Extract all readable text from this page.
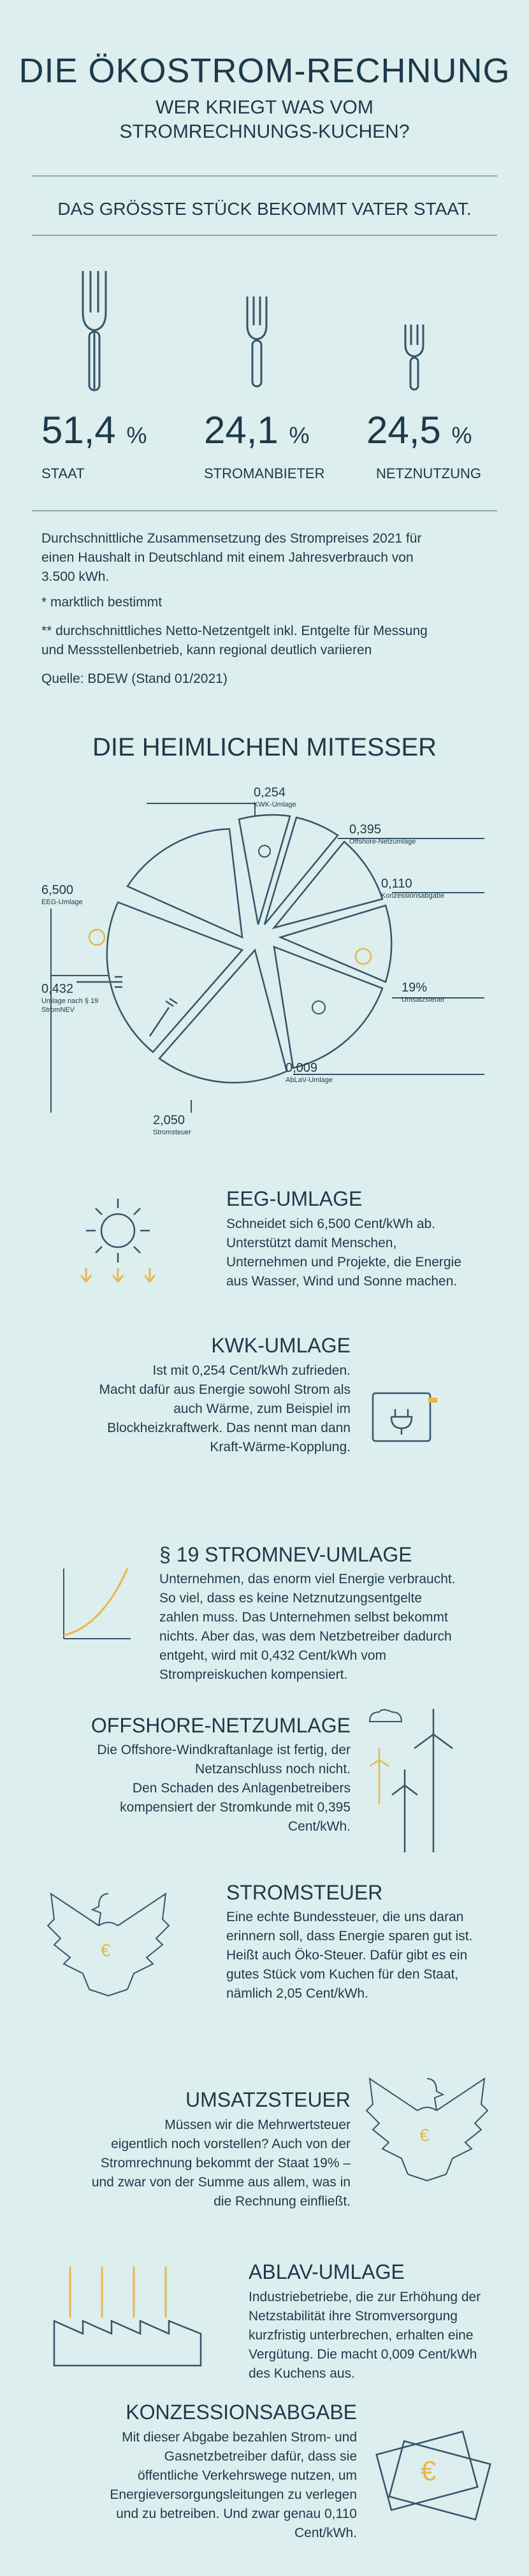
DIE ÖKOSTROM-RECHNUNG
WER KRIEGT WAS VOM
STROMRECHNUNGS-KUCHEN?
DAS GRÖSSTE STÜCK BEKOMMT VATER STAAT.
51,4 %
STAAT
24,1 %
STROMANBIETER
24,5 %
NETZNUTZUNG
Durchschnittliche Zusammensetzung des Strompreises 2021 für
einen Haushalt in Deutschland mit einem Jahresverbrauch von
3.500 kWh.
* marktlich bestimmt
** durchschnittliches Netto-Netzentgelt inkl. Entgelte für Messung
und Messstellenbetrieb, kann regional deutlich variieren
Quelle: BDEW (Stand 01/2021)
DIE HEIMLICHEN MITESSER
0,254
KWK-Umlage
0,395
Offshore-Netzumlage
0,110
Konzessionsabgabe
6,500
EEG-Umlage
19%
Umsatzsteuer
0,432
Umlage nach § 19
StromNEV
0,009
AbLaV-Umlage
2,050
Stromsteuer
EEG-UMLAGE
Schneidet sich 6,500 Cent/kWh ab.
Unterstützt damit Menschen,
Unternehmen und Projekte, die Energie
aus Wasser, Wind und Sonne machen.
KWK-UMLAGE
Ist mit 0,254 Cent/kWh zufrieden.
Macht dafür aus Energie sowohl Strom als
auch Wärme, zum Beispiel im
Blockheizkraftwerk. Das nennt man dann
Kraft-Wärme-Kopplung.
§ 19 STROMNEV-UMLAGE
Unternehmen, das enorm viel Energie verbraucht.
So viel, dass es keine Netznutzungsentgelte
zahlen muss. Das Unternehmen selbst bekommt
nichts. Aber das, was dem Netzbetreiber dadurch
entgeht, wird mit 0,432 Cent/kWh vom
Strompreiskuchen kompensiert.
OFFSHORE-NETZUMLAGE
Die Offshore-Windkraftanlage ist fertig, der
Netzanschluss noch nicht.
Den Schaden des Anlagenbetreibers
kompensiert der Stromkunde mit 0,395
Cent/kWh.
€
STROMSTEUER
Eine echte Bundessteuer, die uns daran
erinnern soll, dass Energie sparen gut ist.
Heißt auch Öko-Steuer. Dafür gibt es ein
gutes Stück vom Kuchen für den Staat,
nämlich 2,05 Cent/kWh.
UMSATZSTEUER
Müssen wir die Mehrwertsteuer
eigentlich noch vorstellen? Auch von der
Stromrechnung bekommt der Staat 19% –
und zwar von der Summe aus allem, was in
die Rechnung einfließt.
€
ABLAV-UMLAGE
Industriebetriebe, die zur Erhöhung der
Netzstabilität ihre Stromversorgung
kurzfristig unterbrechen, erhalten eine
Vergütung. Die macht 0,009 Cent/kWh
des Kuchens aus.
KONZESSIONSABGABE
Mit dieser Abgabe bezahlen Strom- und
Gasnetzbetreiber dafür, dass sie
öffentliche Verkehrswege nutzen, um
Energieversorgungsleitungen zu verlegen
und zu betreiben. Und zwar genau 0,110
Cent/kWh.
€
